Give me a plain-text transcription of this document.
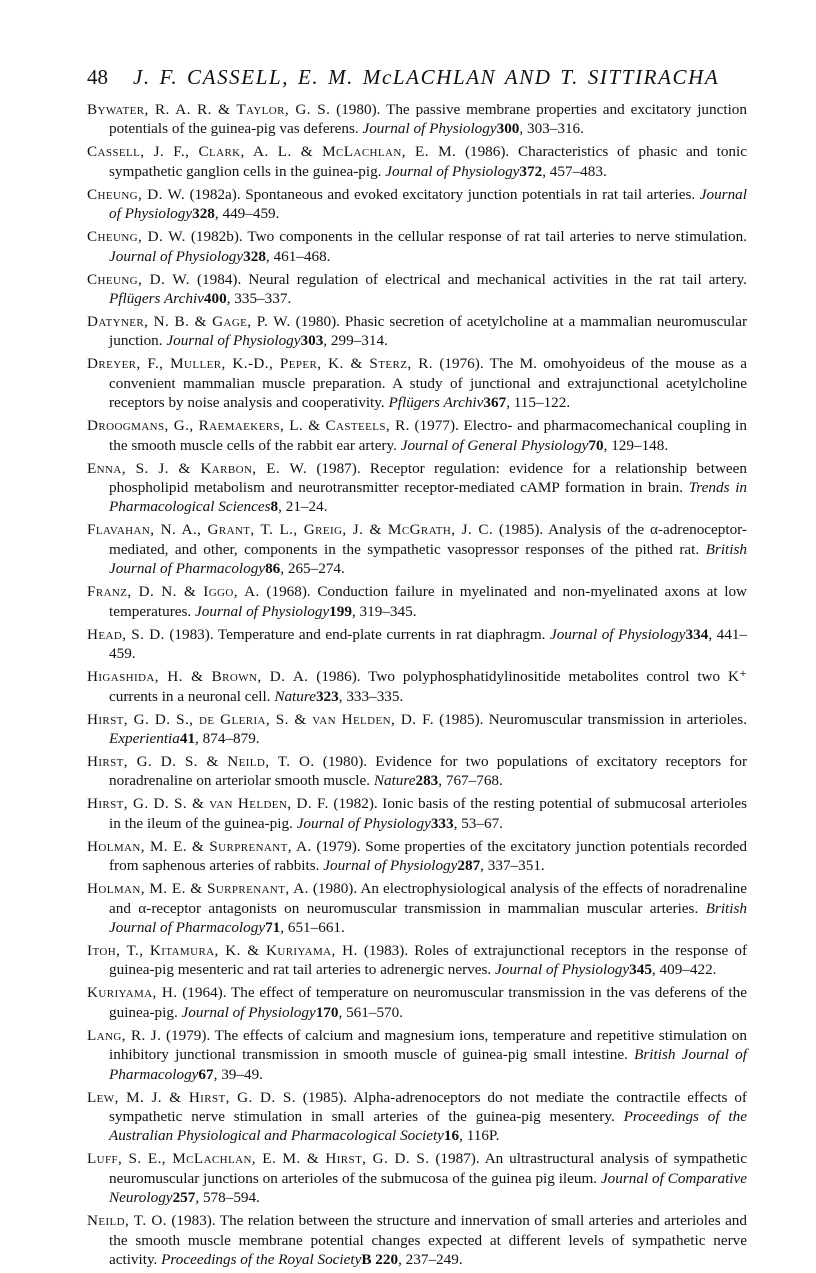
48 J. F. CASSELL, E. M. McLACHLAN AND T. SITTIRACHA

Bywater, R. A. R. & Taylor, G. S. (1980). The passive membrane properties and excitatory junction potentials of the guinea-pig vas deferens. Journal of Physiology300, 303–316.

Cassell, J. F., Clark, A. L. & McLachlan, E. M. (1986). Characteristics of phasic and tonic sympathetic ganglion cells in the guinea-pig. Journal of Physiology372, 457–483.

Cheung, D. W. (1982a). Spontaneous and evoked excitatory junction potentials in rat tail arteries. Journal of Physiology328, 449–459.

Cheung, D. W. (1982b). Two components in the cellular response of rat tail arteries to nerve stimulation. Journal of Physiology328, 461–468.

Cheung, D. W. (1984). Neural regulation of electrical and mechanical activities in the rat tail artery. Pflügers Archiv400, 335–337.

Datyner, N. B. & Gage, P. W. (1980). Phasic secretion of acetylcholine at a mammalian neuromuscular junction. Journal of Physiology303, 299–314.

Dreyer, F., Muller, K.-D., Peper, K. & Sterz, R. (1976). The M. omohyoideus of the mouse as a convenient mammalian muscle preparation. A study of junctional and extrajunctional acetylcholine receptors by noise analysis and cooperativity. Pflügers Archiv367, 115–122.

Droogmans, G., Raemaekers, L. & Casteels, R. (1977). Electro- and pharmacomechanical coupling in the smooth muscle cells of the rabbit ear artery. Journal of General Physiology70, 129–148.

Enna, S. J. & Karbon, E. W. (1987). Receptor regulation: evidence for a relationship between phospholipid metabolism and neurotransmitter receptor-mediated cAMP formation in brain. Trends in Pharmacological Sciences8, 21–24.

Flavahan, N. A., Grant, T. L., Greig, J. & McGrath, J. C. (1985). Analysis of the α-adrenoceptor-mediated, and other, components in the sympathetic vasopressor responses of the pithed rat. British Journal of Pharmacology86, 265–274.

Franz, D. N. & Iggo, A. (1968). Conduction failure in myelinated and non-myelinated axons at low temperatures. Journal of Physiology199, 319–345.

Head, S. D. (1983). Temperature and end-plate currents in rat diaphragm. Journal of Physiology334, 441–459.

Higashida, H. & Brown, D. A. (1986). Two polyphosphatidylinositide metabolites control two K⁺ currents in a neuronal cell. Nature323, 333–335.

Hirst, G. D. S., de Gleria, S. & van Helden, D. F. (1985). Neuromuscular transmission in arterioles. Experientia41, 874–879.

Hirst, G. D. S. & Neild, T. O. (1980). Evidence for two populations of excitatory receptors for noradrenaline on arteriolar smooth muscle. Nature283, 767–768.

Hirst, G. D. S. & van Helden, D. F. (1982). Ionic basis of the resting potential of submucosal arterioles in the ileum of the guinea-pig. Journal of Physiology333, 53–67.

Holman, M. E. & Surprenant, A. (1979). Some properties of the excitatory junction potentials recorded from saphenous arteries of rabbits. Journal of Physiology287, 337–351.

Holman, M. E. & Surprenant, A. (1980). An electrophysiological analysis of the effects of noradrenaline and α-receptor antagonists on neuromuscular transmission in mammalian muscular arteries. British Journal of Pharmacology71, 651–661.

Itoh, T., Kitamura, K. & Kuriyama, H. (1983). Roles of extrajunctional receptors in the response of guinea-pig mesenteric and rat tail arteries to adrenergic nerves. Journal of Physiology345, 409–422.

Kuriyama, H. (1964). The effect of temperature on neuromuscular transmission in the vas deferens of the guinea-pig. Journal of Physiology170, 561–570.

Lang, R. J. (1979). The effects of calcium and magnesium ions, temperature and repetitive stimulation on inhibitory junctional transmission in smooth muscle of guinea-pig small intestine. British Journal of Pharmacology67, 39–49.

Lew, M. J. & Hirst, G. D. S. (1985). Alpha-adrenoceptors do not mediate the contractile effects of sympathetic nerve stimulation in small arteries of the guinea-pig mesentery. Proceedings of the Australian Physiological and Pharmacological Society16, 116P.

Luff, S. E., McLachlan, E. M. & Hirst, G. D. S. (1987). An ultrastructural analysis of sympathetic neuromuscular junctions on arterioles of the submucosa of the guinea pig ileum. Journal of Comparative Neurology257, 578–594.

Neild, T. O. (1983). The relation between the structure and innervation of small arteries and arterioles and the smooth muscle membrane potential changes expected at different levels of sympathetic nerve activity. Proceedings of the Royal SocietyB 220, 237–249.
